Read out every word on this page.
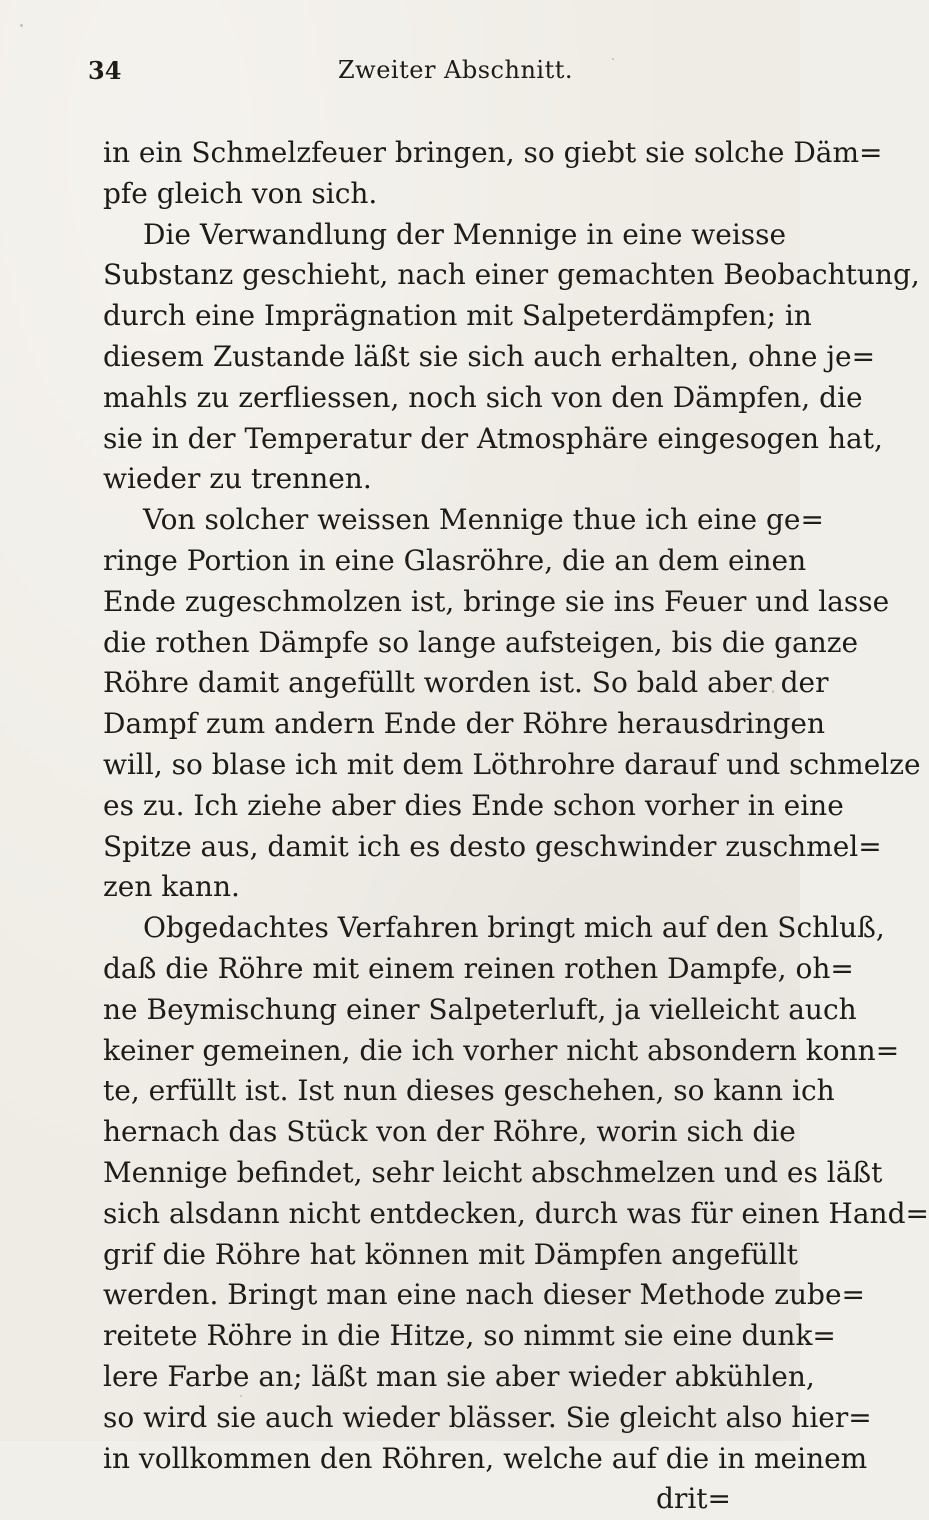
34	Zweiter Abschnitt.
in ein Schmelzfeuer bringen, so giebt sie solche Däm=
pfe gleich von sich.
Die Verwandlung der Mennige in eine weisse
Substanz geschieht, nach einer gemachten Beobachtung,
durch eine Imprägnation mit Salpeterdämpfen; in
diesem Zustande läßt sie sich auch erhalten, ohne je=
mahls zu zerfliessen, noch sich von den Dämpfen, die
sie in der Temperatur der Atmosphäre eingesogen hat,
wieder zu trennen.
Von solcher weissen Mennige thue ich eine ge=
ringe Portion in eine Glasröhre, die an dem einen
Ende zugeschmolzen ist, bringe sie ins Feuer und lasse
die rothen Dämpfe so lange aufsteigen, bis die ganze
Röhre damit angefüllt worden ist. So bald aber der
Dampf zum andern Ende der Röhre herausdringen
will, so blase ich mit dem Löthrohre darauf und schmelze
es zu. Ich ziehe aber dies Ende schon vorher in eine
Spitze aus, damit ich es desto geschwinder zuschmel=
zen kann.
Obgedachtes Verfahren bringt mich auf den Schluß,
daß die Röhre mit einem reinen rothen Dampfe, oh=
ne Beymischung einer Salpeterluft, ja vielleicht auch
keiner gemeinen, die ich vorher nicht absondern konn=
te, erfüllt ist. Ist nun dieses geschehen, so kann ich
hernach das Stück von der Röhre, worin sich die
Mennige befindet, sehr leicht abschmelzen und es läßt
sich alsdann nicht entdecken, durch was für einen Hand=
grif die Röhre hat können mit Dämpfen angefüllt
werden. Bringt man eine nach dieser Methode zube=
reitete Röhre in die Hitze, so nimmt sie eine dunk=
lere Farbe an; läßt man sie aber wieder abkühlen,
so wird sie auch wieder blässer. Sie gleicht also hier=
in vollkommen den Röhren, welche auf die in meinem
drit=
